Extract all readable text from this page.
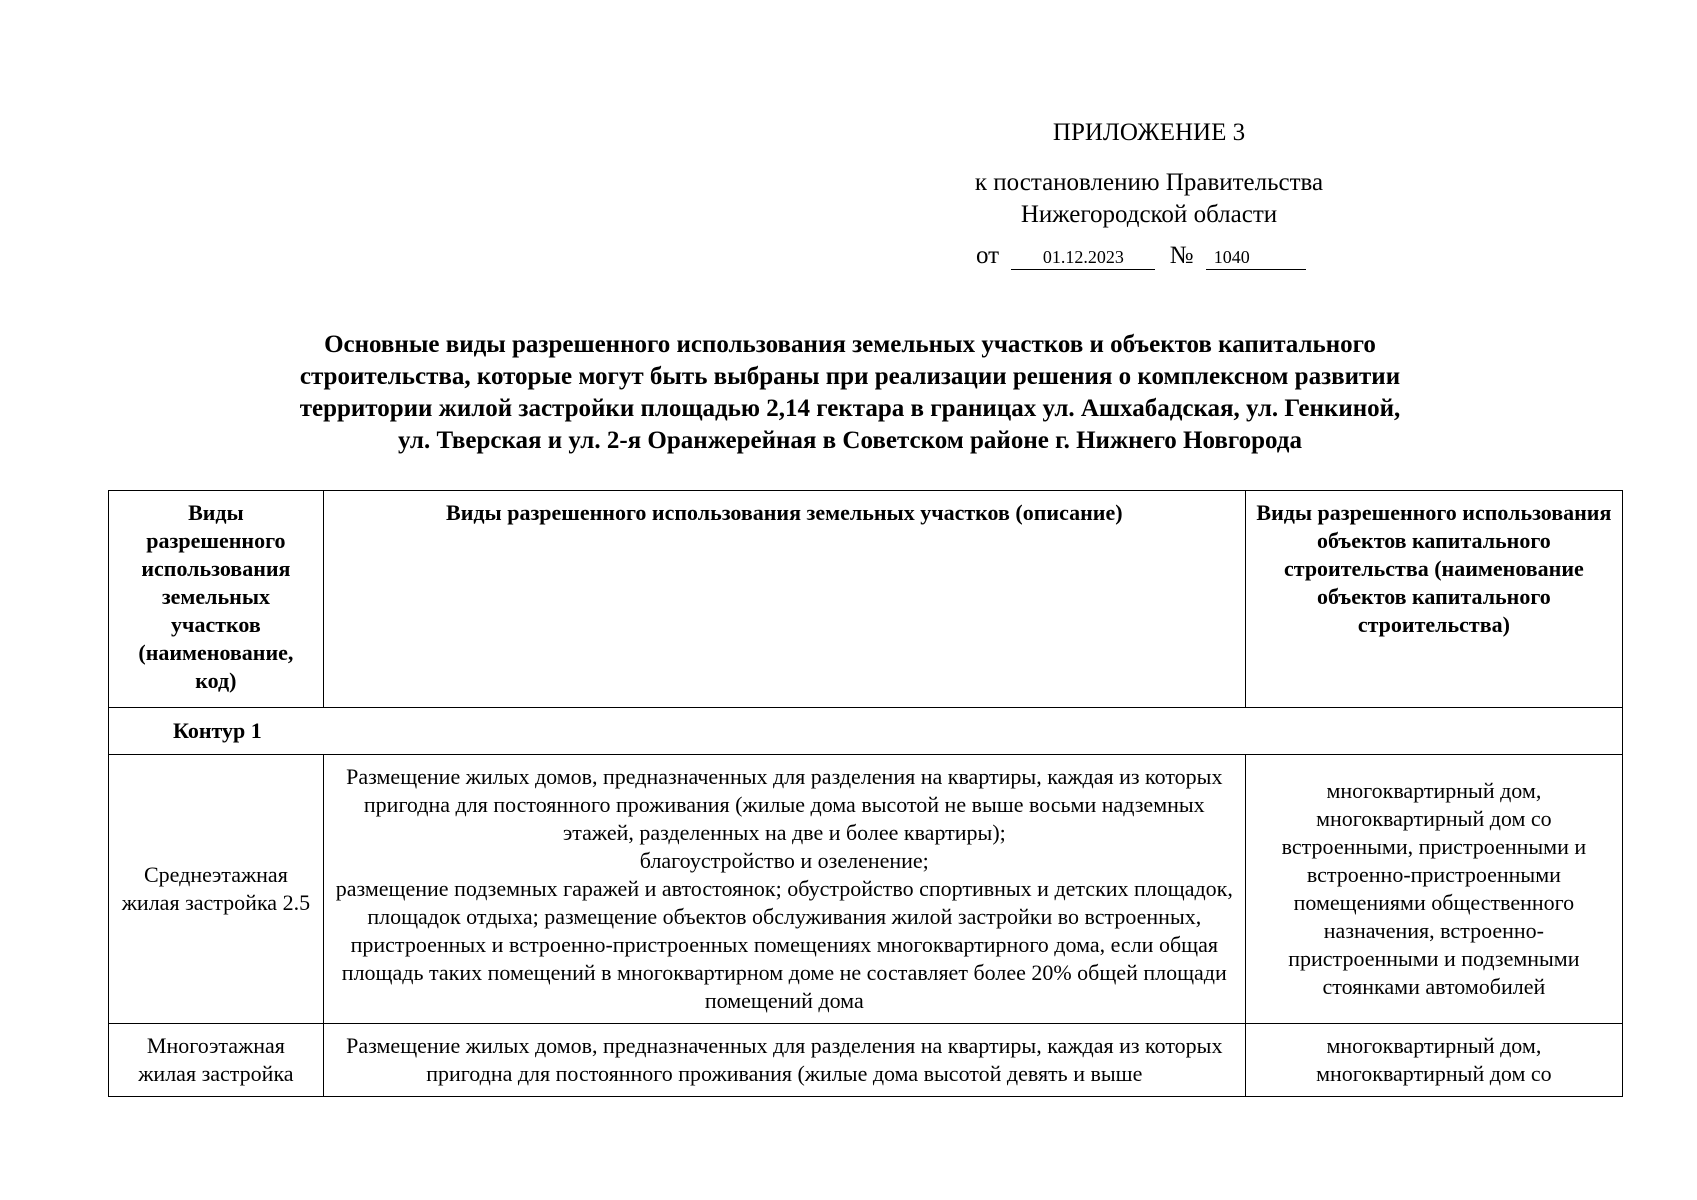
ПРИЛОЖЕНИЕ 3
к постановлению Правительства
Нижегородской области
от 01.12.2023 № 1040
Основные виды разрешенного использования земельных участков и объектов капитального
строительства, которые могут быть выбраны при реализации решения о комплексном развитии
территории жилой застройки площадью 2,14 гектара в границах ул. Ашхабадская, ул. Генкиной,
ул. Тверская и ул. 2-я Оранжерейная в Советском районе г. Нижнего Новгорода
Виды разрешенного использования земельных участков (наименование, код)	Виды разрешенного использования земельных участков (описание)	Виды разрешенного использования объектов капитального строительства (наименование объектов капитального строительства)
Контур 1		
Среднеэтажная жилая застройка 2.5	Размещение жилых домов, предназначенных для разделения на квартиры, каждая из которых пригодна для постоянного проживания (жилые дома высотой не выше восьми надземных этажей, разделенных на две и более квартиры);
благоустройство и озеленение;
размещение подземных гаражей и автостоянок; обустройство спортивных и детских площадок, площадок отдыха; размещение объектов обслуживания жилой застройки во встроенных, пристроенных и встроенно-пристроенных помещениях многоквартирного дома, если общая площадь таких помещений в многоквартирном доме не составляет более 20% общей площади помещений дома	многоквартирный дом, многоквартирный дом со встроенными, пристроенными и встроенно-пристроенными помещениями общественного назначения, встроенно-пристроенными и подземными стоянками автомобилей
Многоэтажная жилая застройка	Размещение жилых домов, предназначенных для разделения на квартиры, каждая из которых пригодна для постоянного проживания (жилые дома высотой девять и выше	многоквартирный дом, многоквартирный дом со
